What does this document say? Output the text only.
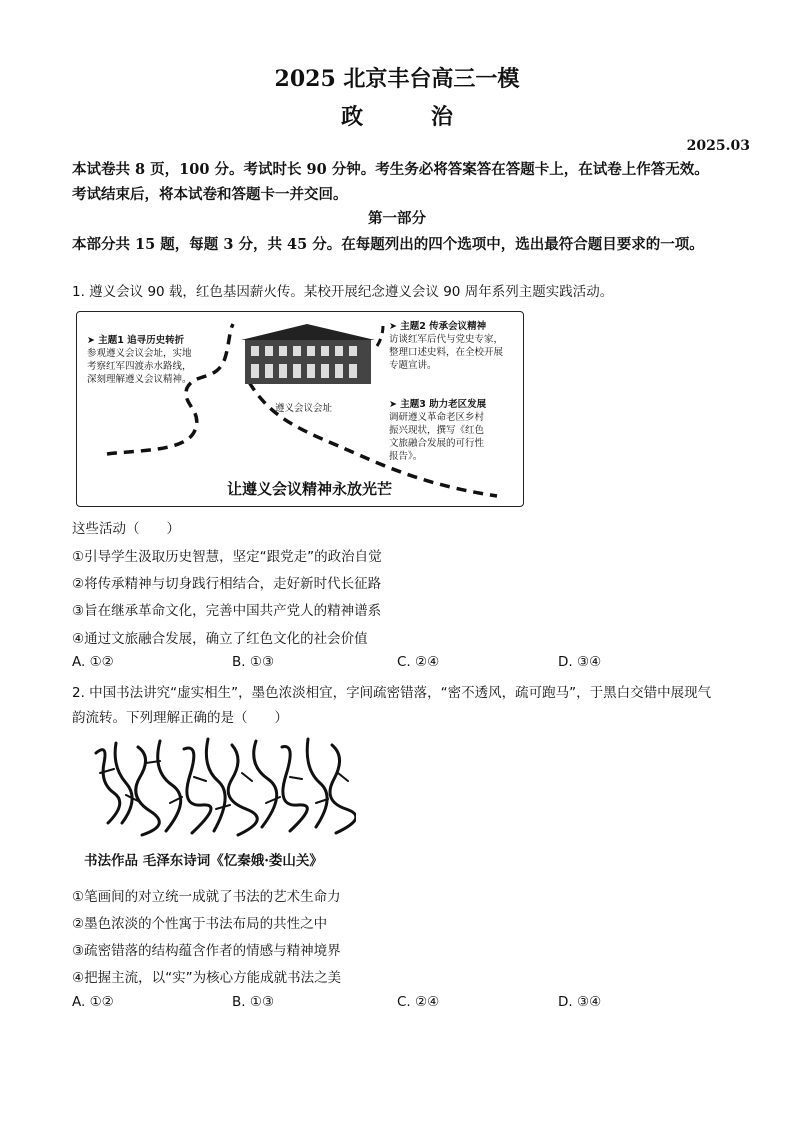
2025 北京丰台高三一模
政 治
2025.03
本试卷共 8 页，100 分。考试时长 90 分钟。考生务必将答案答在答题卡上，在试卷上作答无效。考试结束后，将本试卷和答题卡一并交回。
第一部分
本部分共 15 题，每题 3 分，共 45 分。在每题列出的四个选项中，选出最符合题目要求的一项。
1. 遵义会议 90 载，红色基因薪火传。某校开展纪念遵义会议 90 周年系列主题实践活动。
➤ 主题1 追寻历史转折
参观遵义会议会址，实地
考察红军四渡赤水路线，
深刻理解遵义会议精神。
遵义会议会址
➤ 主题2 传承会议精神
访谈红军后代与党史专家，
整理口述史料，在全校开展
专题宣讲。
➤ 主题3 助力老区发展
调研遵义革命老区乡村
振兴现状，撰写《红色
文旅融合发展的可行性
报告》。
让遵义会议精神永放光芒
这些活动（　　）
①引导学生汲取历史智慧，坚定“跟党走”的政治自觉
②将传承精神与切身践行相结合，走好新时代长征路
③旨在继承革命文化，完善中国共产党人的精神谱系
④通过文旅融合发展，确立了红色文化的社会价值
A. ①②	B. ①③	C. ②④	D. ③④
2. 中国书法讲究“虚实相生”，墨色浓淡相宜，字间疏密错落，“密不透风，疏可跑马”，于黑白交错中展现气韵流转。下列理解正确的是（　　）
书法作品 毛泽东诗词《忆秦娥·娄山关》
①笔画间的对立统一成就了书法的艺术生命力
②墨色浓淡的个性寓于书法布局的共性之中
③疏密错落的结构蕴含作者的情感与精神境界
④把握主流，以“实”为核心方能成就书法之美
A. ①②	B. ①③	C. ②④	D. ③④
